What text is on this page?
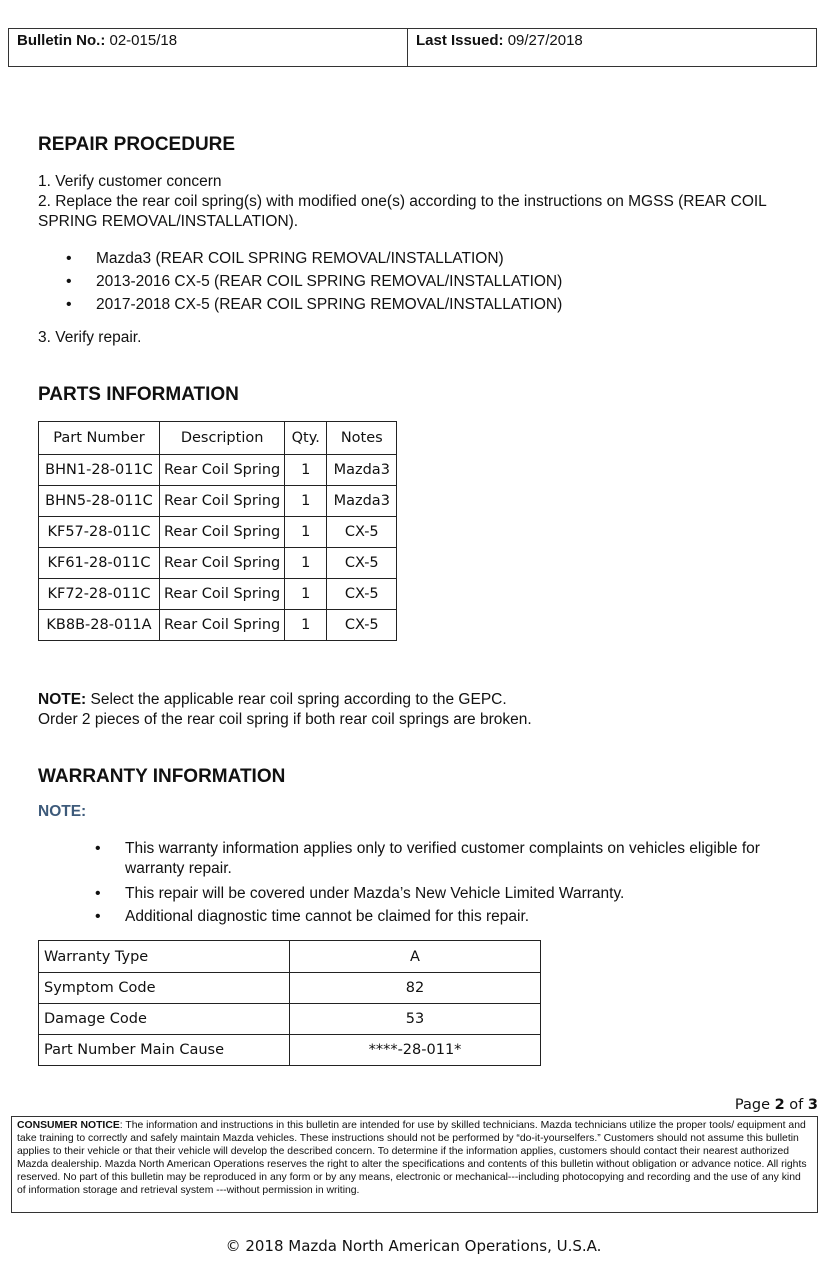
Bulletin No.: 02-015/18	Last Issued: 09/27/2018
REPAIR PROCEDURE
1. Verify customer concern
2. Replace the rear coil spring(s) with modified one(s) according to the instructions on MGSS (REAR COIL SPRING REMOVAL/INSTALLATION).
• Mazda3 (REAR COIL SPRING REMOVAL/INSTALLATION)
• 2013-2016 CX-5 (REAR COIL SPRING REMOVAL/INSTALLATION)
• 2017-2018 CX-5 (REAR COIL SPRING REMOVAL/INSTALLATION)
3. Verify repair.
PARTS INFORMATION
Part Number	Description	Qty.	Notes
BHN1-28-011C	Rear Coil Spring	1	Mazda3
BHN5-28-011C	Rear Coil Spring	1	Mazda3
KF57-28-011C	Rear Coil Spring	1	CX-5
KF61-28-011C	Rear Coil Spring	1	CX-5
KF72-28-011C	Rear Coil Spring	1	CX-5
KB8B-28-011A	Rear Coil Spring	1	CX-5
NOTE: Select the applicable rear coil spring according to the GEPC.
Order 2 pieces of the rear coil spring if both rear coil springs are broken.
WARRANTY INFORMATION
NOTE:
• This warranty information applies only to verified customer complaints on vehicles eligible for warranty repair.
• This repair will be covered under Mazda’s New Vehicle Limited Warranty.
• Additional diagnostic time cannot be claimed for this repair.
Warranty Type	A
Symptom Code	82
Damage Code	53
Part Number Main Cause	****-28-011*
Page 2 of 3
CONSUMER NOTICE: The information and instructions in this bulletin are intended for use by skilled technicians. Mazda technicians utilize the proper tools/ equipment and take training to correctly and safely maintain Mazda vehicles. These instructions should not be performed by “do-it-yourselfers.” Customers should not assume this bulletin applies to their vehicle or that their vehicle will develop the described concern. To determine if the information applies, customers should contact their nearest authorized Mazda dealership. Mazda North American Operations reserves the right to alter the specifications and contents of this bulletin without obligation or advance notice. All rights reserved. No part of this bulletin may be reproduced in any form or by any means, electronic or mechanical---including photocopying and recording and the use of any kind of information storage and retrieval system ---without permission in writing.
© 2018 Mazda North American Operations, U.S.A.
